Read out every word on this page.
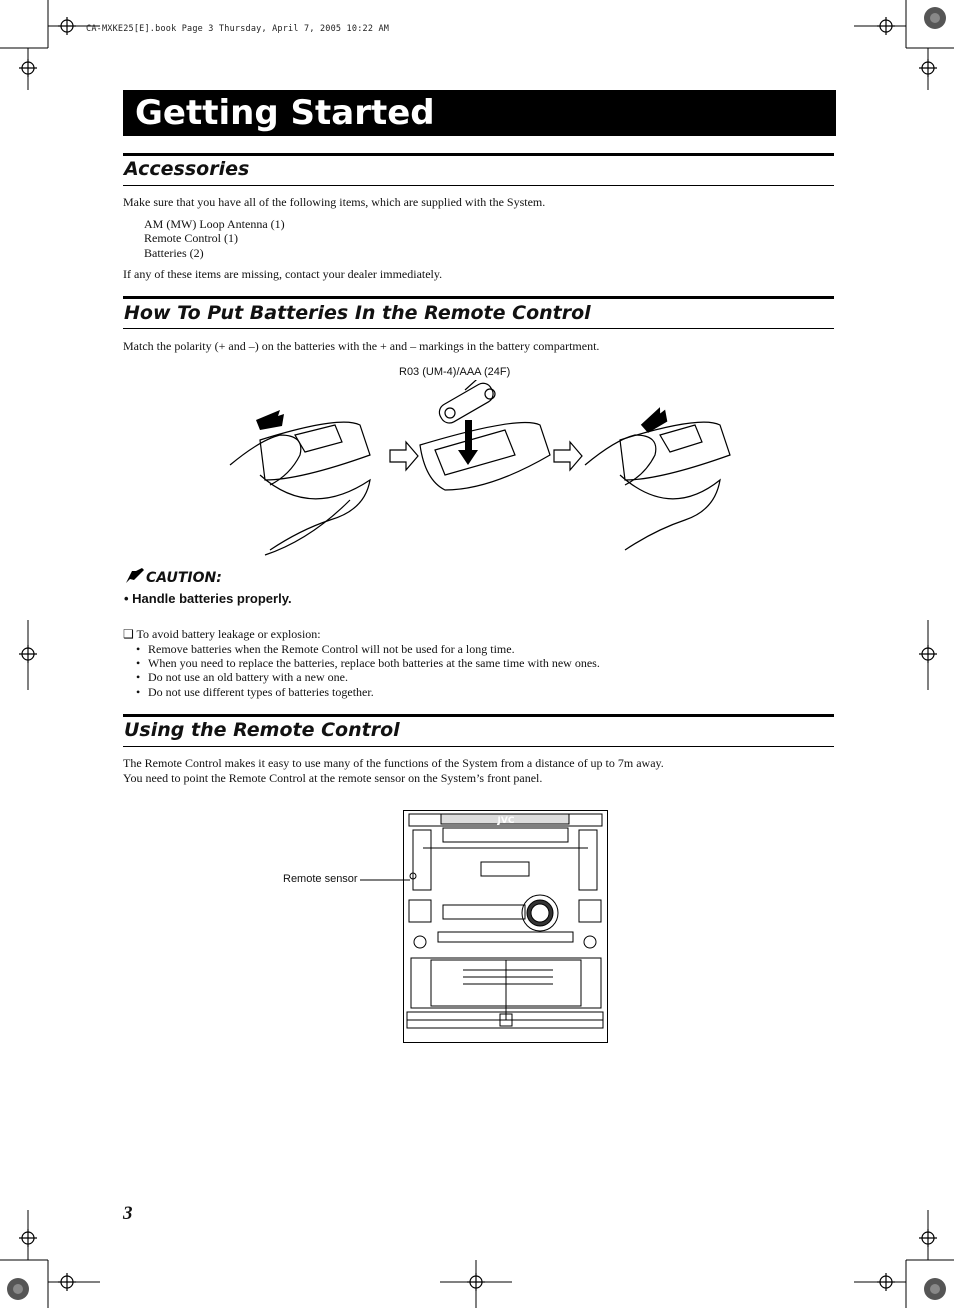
CA-MXKE25[E].book Page 3 Thursday, April 7, 2005 10:22 AM
Getting Started
Accessories
Make sure that you have all of the following items, which are supplied with the System.
AM (MW) Loop Antenna (1)
Remote Control (1)
Batteries (2)
If any of these items are missing, contact your dealer immediately.
How To Put Batteries In the Remote Control
Match the polarity (+ and –) on the batteries with the + and – markings in the battery compartment.
R03 (UM-4)/AAA (24F)
CAUTION:
• Handle batteries properly.
❑ To avoid battery leakage or explosion:
• Remove batteries when the Remote Control will not be used for a long time.
• When you need to replace the batteries, replace both batteries at the same time with new ones.
• Do not use an old battery with a new one.
• Do not use different types of batteries together.
Using the Remote Control
The Remote Control makes it easy to use many of the functions of the System from a distance of up to 7m away.
You need to point the Remote Control at the remote sensor on the System’s front panel.
Remote sensor
JVC
3
